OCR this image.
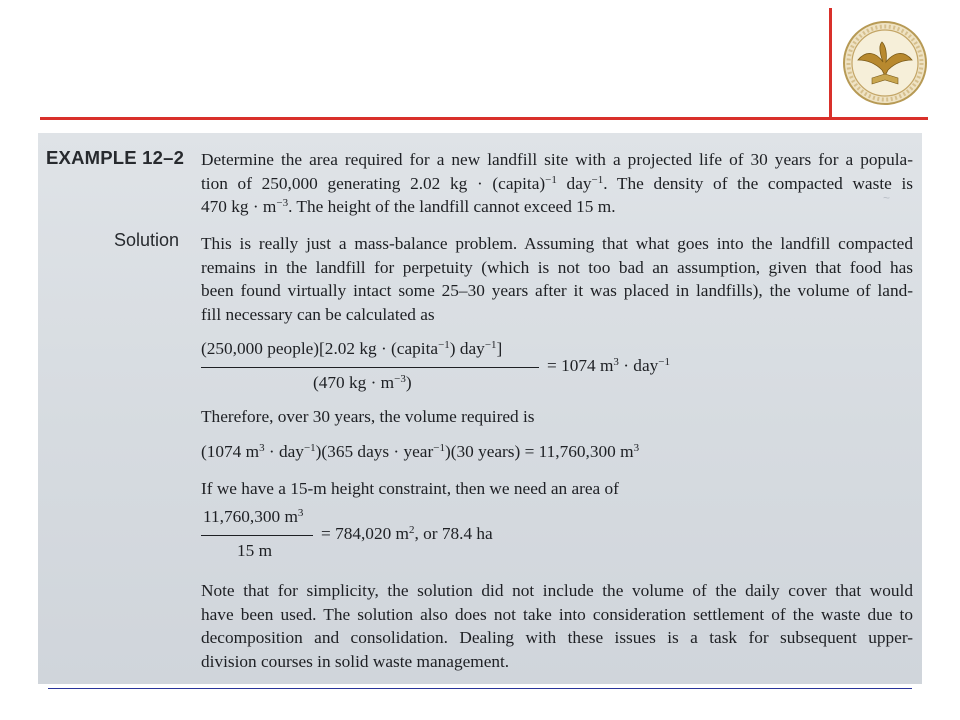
~
EXAMPLE 12–2 Determine the area required for a new landfill site with a projected life of 30 years for a popula-
tion of 250,000 generating 2.02 kg · (capita)$^{-1}$ day$^{-1}$. The density of the compacted waste is
470 kg · $m^{-3}$. The height of the landfill cannot exceed 15 m.
Solution This is really just a mass-balance problem. Assuming that what goes into the landfill compacted
remains in the landfill for perpetuity (which is not too bad an assumption, given that food has
been found virtually intact some 25–30 years after it was placed in landfills), the volume of land-
fill necessary can be calculated as
(250,000 people)[2.02 kg · (capita$^{-1}$) day$^{-1}$]
(470 kg · $m^{-3}$)
= 1074 $m^3 \cdot day^{-1}$
Therefore, over 30 years, the volume required is
(1074 $m^3 \cdot day^{-1})(365$ days · year$^{-1}$)(30 years) = 11,760,300 $m^3$
If we have a 15-m height constraint, then we need an area of
11,760,300 $m^3$
15 m
= 784,020 $m^2$, or 78.4 ha
Note that for simplicity, the solution did not include the volume of the daily cover that would
have been used. The solution also does not take into consideration settlement of the waste due to
decomposition and consolidation. Dealing with these issues is a task for subsequent upper-
division courses in solid waste management.
